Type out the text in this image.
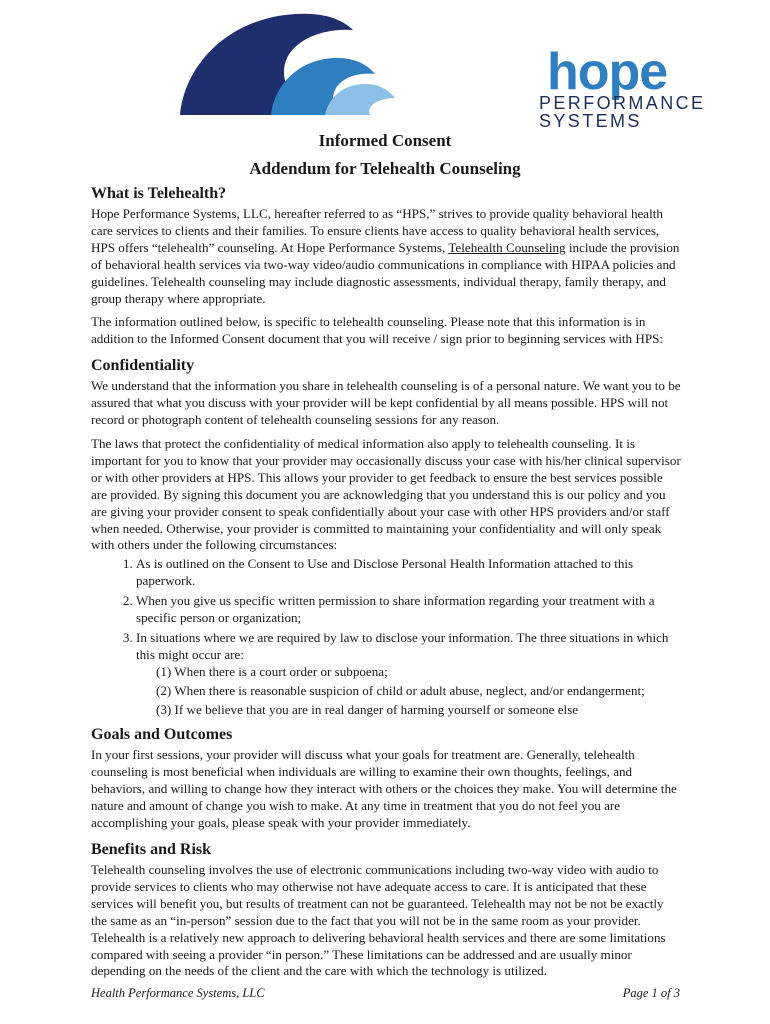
hope
PERFORMANCE SYSTEMS
Informed Consent
Addendum for Telehealth Counseling
What is Telehealth?

Hope Performance Systems, LLC, hereafter referred to as “HPS,” strives to provide quality behavioral health care services to clients and their families. To ensure clients have access to quality behavioral health services, HPS offers “telehealth” counseling. At Hope Performance Systems, Telehealth Counseling include the provision of behavioral health services via two-way video/audio communications in compliance with HIPAA policies and guidelines. Telehealth counseling may include diagnostic assessments, individual therapy, family therapy, and group therapy where appropriate.

The information outlined below, is specific to telehealth counseling. Please note that this information is in addition to the Informed Consent document that you will receive / sign prior to beginning services with HPS:

Confidentiality

We understand that the information you share in telehealth counseling is of a personal nature. We want you to be assured that what you discuss with your provider will be kept confidential by all means possible. HPS will not record or photograph content of telehealth counseling sessions for any reason.

The laws that protect the confidentiality of medical information also apply to telehealth counseling. It is important for you to know that your provider may occasionally discuss your case with his/her clinical supervisor or with other providers at HPS. This allows your provider to get feedback to ensure the best services possible are provided. By signing this document you are acknowledging that you understand this is our policy and you are giving your provider consent to speak confidentially about your case with other HPS providers and/or staff when needed. Otherwise, your provider is committed to maintaining your confidentiality and will only speak with others under the following circumstances:

1. As is outlined on the Consent to Use and Disclose Personal Health Information attached to this paperwork.
2. When you give us specific written permission to share information regarding your treatment with a specific person or organization;
3. In situations where we are required by law to disclose your information. The three situations in which this might occur are:
(1) When there is a court order or subpoena;
(2) When there is reasonable suspicion of child or adult abuse, neglect, and/or endangerment;
(3) If we believe that you are in real danger of harming yourself or someone else
Goals and Outcomes

In your first sessions, your provider will discuss what your goals for treatment are. Generally, telehealth counseling is most beneficial when individuals are willing to examine their own thoughts, feelings, and behaviors, and willing to change how they interact with others or the choices they make. You will determine the nature and amount of change you wish to make. At any time in treatment that you do not feel you are accomplishing your goals, please speak with your provider immediately.

Benefits and Risk

Telehealth counseling involves the use of electronic communications including two-way video with audio to provide services to clients who may otherwise not have adequate access to care. It is anticipated that these services will benefit you, but results of treatment can not be guaranteed. Telehealth may not be not be exactly the same as an “in-person” session due to the fact that you will not be in the same room as your provider. Telehealth is a relatively new approach to delivering behavioral health services and there are some limitations compared with seeing a provider “in person.” These limitations can be addressed and are usually minor depending on the needs of the client and the care with which the technology is utilized.

Health Performance Systems, LLC	Page 1 of 3
